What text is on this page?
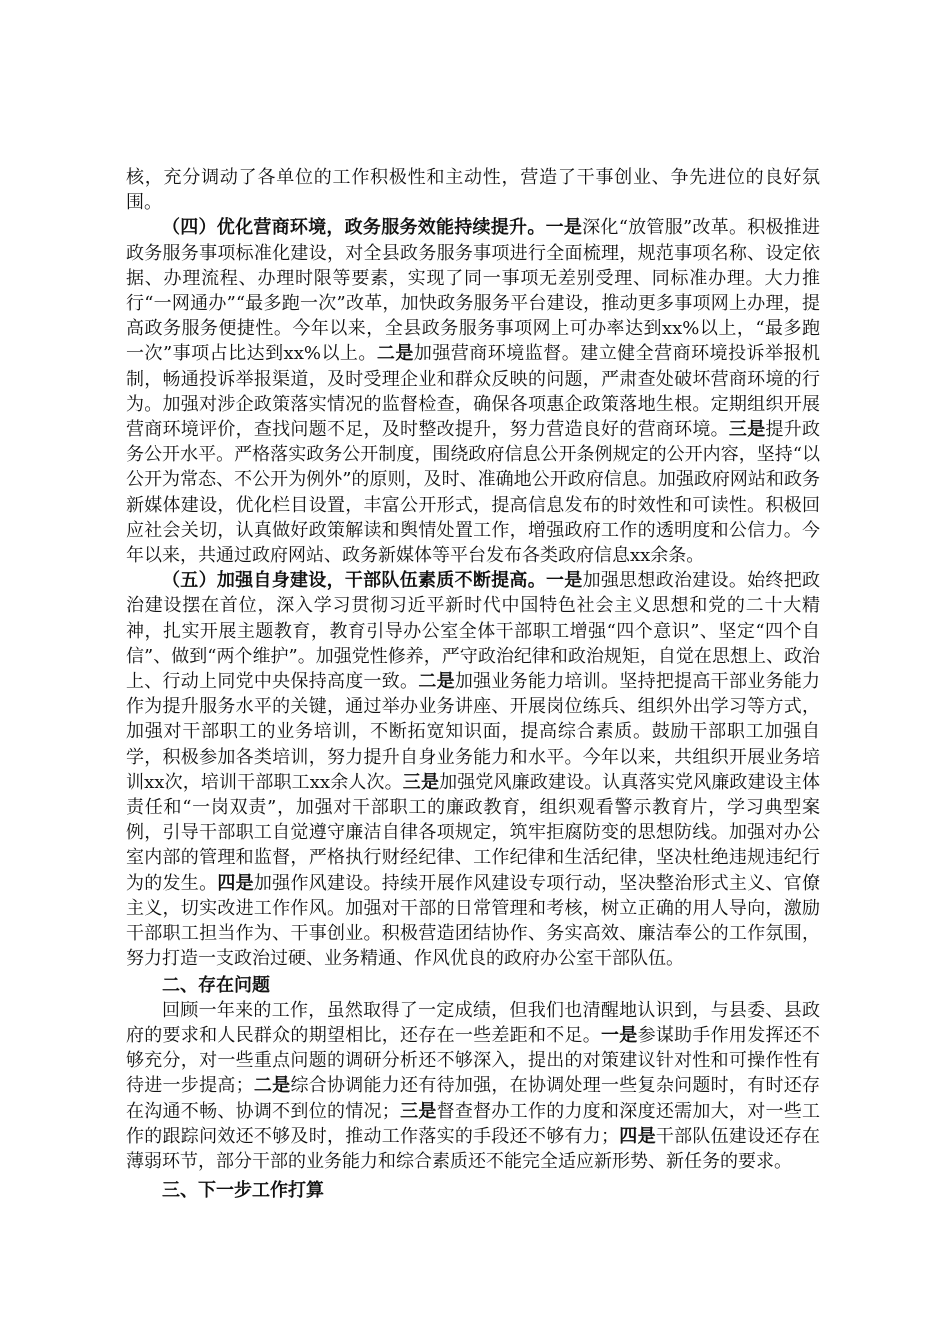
核，充分调动了各单位的工作积极性和主动性，营造了干事创业、争先进位的良好氛围。

（四）优化营商环境，政务服务效能持续提升。一是深化“放管服”改革。积极推进政务服务事项标准化建设，对全县政务服务事项进行全面梳理，规范事项名称、设定依据、办理流程、办理时限等要素，实现了同一事项无差别受理、同标准办理。大力推行“一网通办”“最多跑一次”改革，加快政务服务平台建设，推动更多事项网上办理，提高政务服务便捷性。今年以来，全县政务服务事项网上可办率达到xx%以上，“最多跑一次”事项占比达到xx%以上。二是加强营商环境监督。建立健全营商环境投诉举报机制，畅通投诉举报渠道，及时受理企业和群众反映的问题，严肃查处破坏营商环境的行为。加强对涉企政策落实情况的监督检查，确保各项惠企政策落地生根。定期组织开展营商环境评价，查找问题不足，及时整改提升，努力营造良好的营商环境。三是提升政务公开水平。严格落实政务公开制度，围绕政府信息公开条例规定的公开内容，坚持“以公开为常态、不公开为例外”的原则，及时、准确地公开政府信息。加强政府网站和政务新媒体建设，优化栏目设置，丰富公开形式，提高信息发布的时效性和可读性。积极回应社会关切，认真做好政策解读和舆情处置工作，增强政府工作的透明度和公信力。今年以来，共通过政府网站、政务新媒体等平台发布各类政府信息xx余条。

（五）加强自身建设，干部队伍素质不断提高。一是加强思想政治建设。始终把政治建设摆在首位，深入学习贯彻习近平新时代中国特色社会主义思想和党的二十大精神，扎实开展主题教育，教育引导办公室全体干部职工增强“四个意识”、坚定“四个自信”、做到“两个维护”。加强党性修养，严守政治纪律和政治规矩，自觉在思想上、政治上、行动上同党中央保持高度一致。二是加强业务能力培训。坚持把提高干部业务能力作为提升服务水平的关键，通过举办业务讲座、开展岗位练兵、组织外出学习等方式，加强对干部职工的业务培训，不断拓宽知识面，提高综合素质。鼓励干部职工加强自学，积极参加各类培训，努力提升自身业务能力和水平。今年以来，共组织开展业务培训xx次，培训干部职工xx余人次。三是加强党风廉政建设。认真落实党风廉政建设主体责任和“一岗双责”，加强对干部职工的廉政教育，组织观看警示教育片，学习典型案例，引导干部职工自觉遵守廉洁自律各项规定，筑牢拒腐防变的思想防线。加强对办公室内部的管理和监督，严格执行财经纪律、工作纪律和生活纪律，坚决杜绝违规违纪行为的发生。四是加强作风建设。持续开展作风建设专项行动，坚决整治形式主义、官僚主义，切实改进工作作风。加强对干部的日常管理和考核，树立正确的用人导向，激励干部职工担当作为、干事创业。积极营造团结协作、务实高效、廉洁奉公的工作氛围，努力打造一支政治过硬、业务精通、作风优良的政府办公室干部队伍。

二、存在问题

回顾一年来的工作，虽然取得了一定成绩，但我们也清醒地认识到，与县委、县政府的要求和人民群众的期望相比，还存在一些差距和不足。一是参谋助手作用发挥还不够充分，对一些重点问题的调研分析还不够深入，提出的对策建议针对性和可操作性有待进一步提高；二是综合协调能力还有待加强，在协调处理一些复杂问题时，有时还存在沟通不畅、协调不到位的情况；三是督查督办工作的力度和深度还需加大，对一些工作的跟踪问效还不够及时，推动工作落实的手段还不够有力；四是干部队伍建设还存在薄弱环节，部分干部的业务能力和综合素质还不能完全适应新形势、新任务的要求。

三、下一步工作打算
